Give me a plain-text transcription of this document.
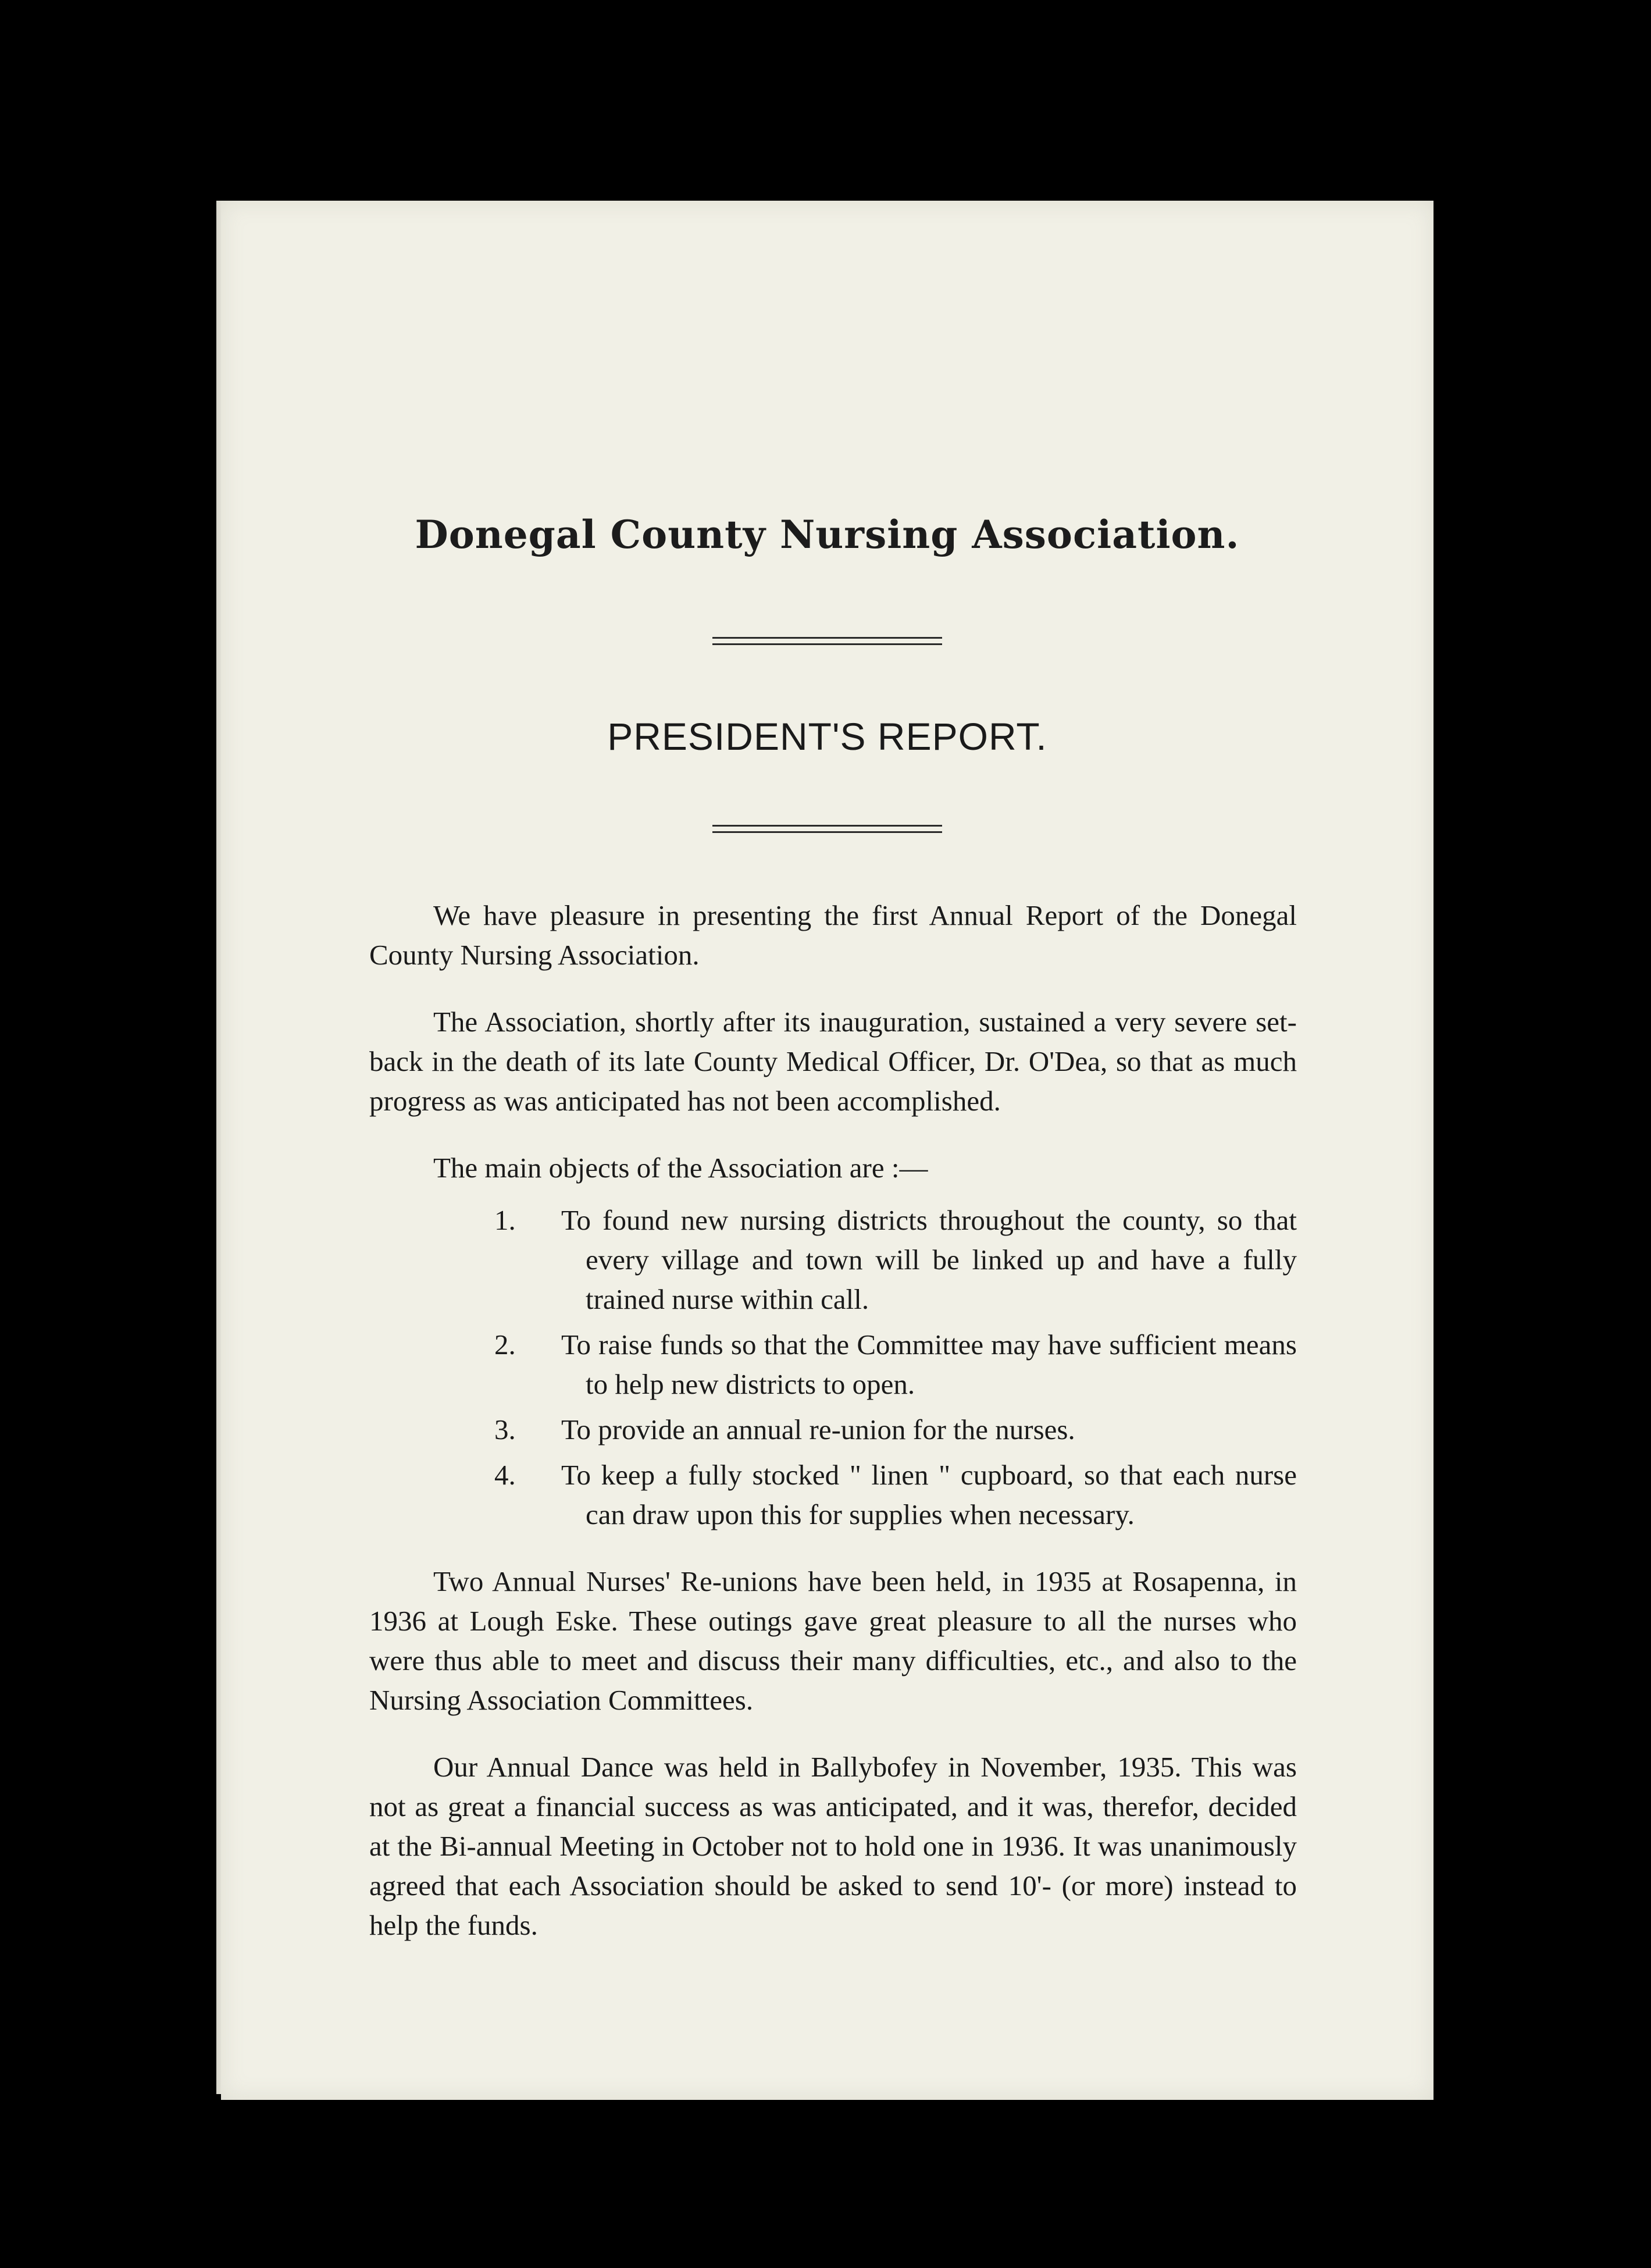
Donegal County Nursing Association.
PRESIDENT'S REPORT.

We have pleasure in presenting the first Annual Report of the Donegal County Nursing Association.

The Association, shortly after its inauguration, sustained a very severe set-back in the death of its late County Medical Officer, Dr. O'Dea, so that as much progress as was anticipated has not been accomplished.

The main objects of the Association are :—

1.	To found new nursing districts throughout the county, so that every village and town will be linked up and have a fully trained nurse within call.
2.	To raise funds so that the Committee may have sufficient means to help new districts to open.
3.	To provide an annual re-union for the nurses.
4.	To keep a fully stocked " linen " cupboard, so that each nurse can draw upon this for supplies when necessary.

Two Annual Nurses' Re-unions have been held, in 1935 at Rosapenna, in 1936 at Lough Eske. These outings gave great pleasure to all the nurses who were thus able to meet and discuss their many difficulties, etc., and also to the Nursing Association Committees.

Our Annual Dance was held in Ballybofey in November, 1935. This was not as great a financial success as was anticipated, and it was, therefor, decided at the Bi-annual Meeting in October not to hold one in 1936. It was unanimously agreed that each Association should be asked to send 10'- (or more) instead to help the funds.
